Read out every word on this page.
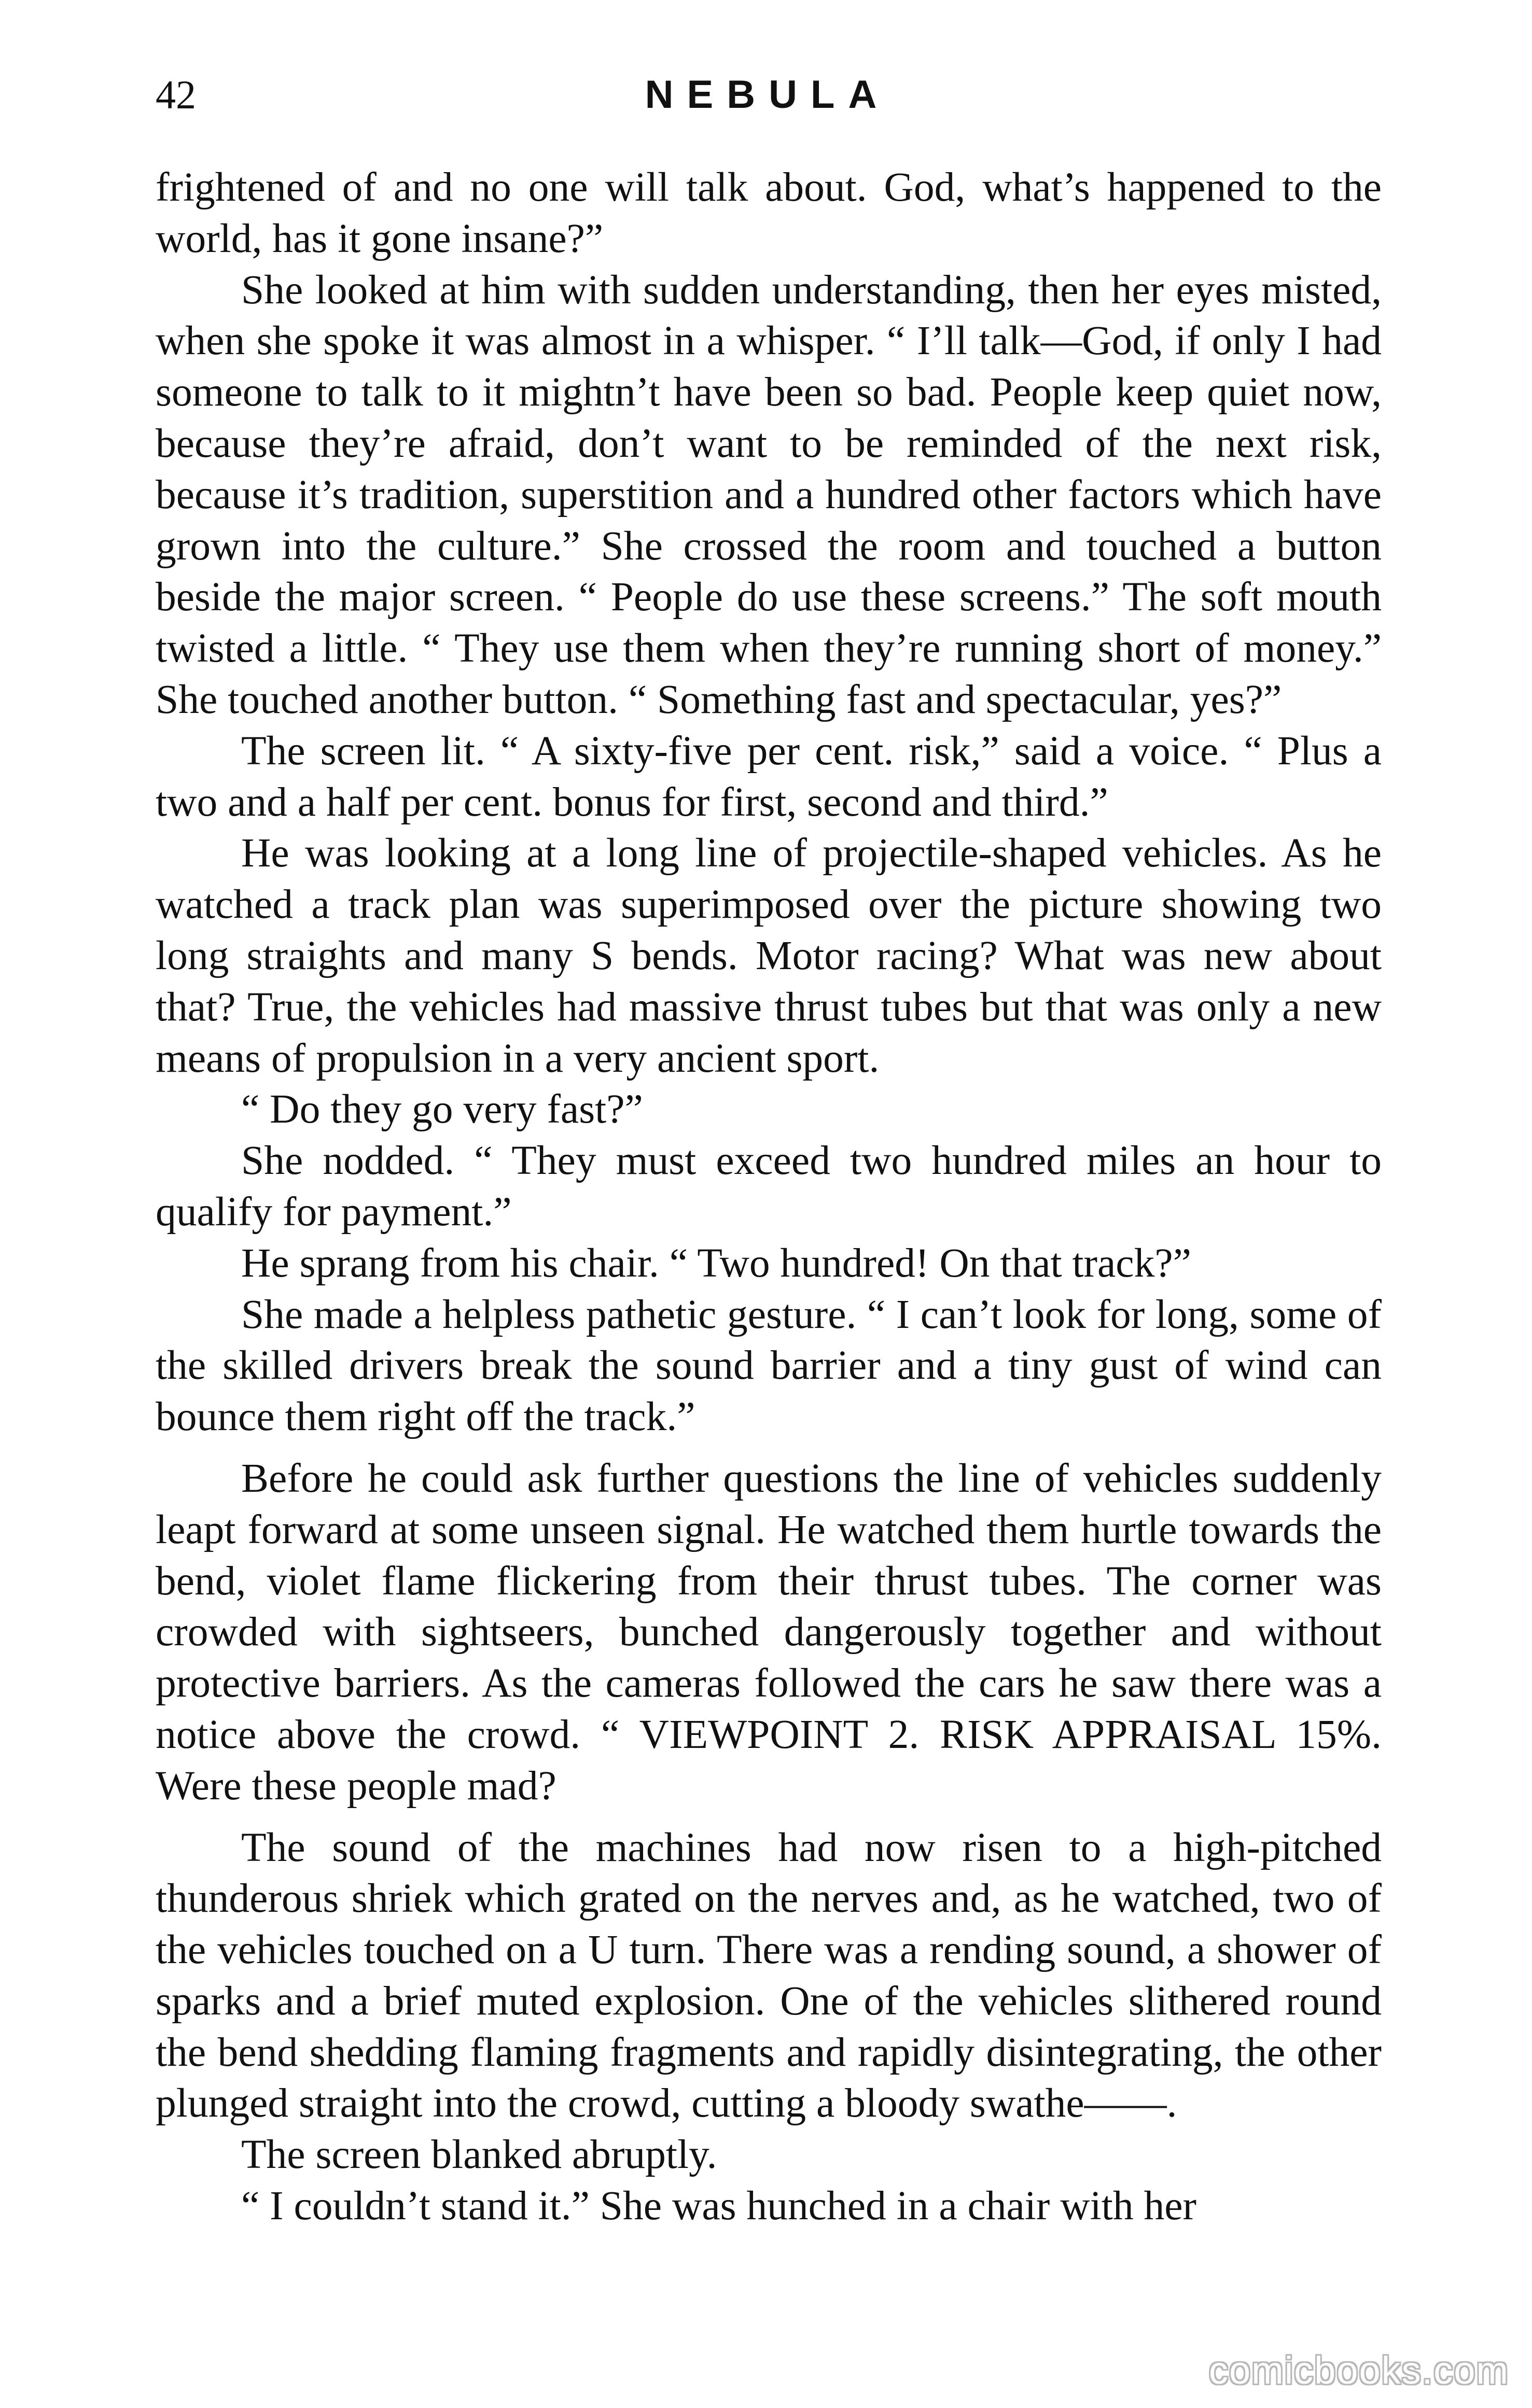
42	NEBULA

frightened of and no one will talk about. God, what’s happened to the world, has it gone insane?”

She looked at him with sudden understanding, then her eyes misted, when she spoke it was almost in a whisper. “ I’ll talk—God, if only I had someone to talk to it mightn’t have been so bad. People keep quiet now, because they’re afraid, don’t want to be reminded of the next risk, because it’s tradition, superstition and a hundred other factors which have grown into the culture.” She crossed the room and touched a button beside the major screen. “ People do use these screens.” The soft mouth twisted a little. “ They use them when they’re running short of money.” She touched another button. “ Something fast and spectacular, yes?”

The screen lit. “ A sixty-five per cent. risk,” said a voice. “ Plus a two and a half per cent. bonus for first, second and third.”

He was looking at a long line of projectile-shaped vehicles. As he watched a track plan was superimposed over the picture showing two long straights and many S bends. Motor racing? What was new about that? True, the vehicles had massive thrust tubes but that was only a new means of propulsion in a very ancient sport.

“ Do they go very fast?”

She nodded. “ They must exceed two hundred miles an hour to qualify for payment.”

He sprang from his chair. “ Two hundred! On that track?”

She made a helpless pathetic gesture. “ I can’t look for long, some of the skilled drivers break the sound barrier and a tiny gust of wind can bounce them right off the track.”

Before he could ask further questions the line of vehicles suddenly leapt forward at some unseen signal. He watched them hurtle towards the bend, violet flame flickering from their thrust tubes. The corner was crowded with sightseers, bunched dangerously together and without protective barriers. As the cameras followed the cars he saw there was a notice above the crowd. “ VIEWPOINT 2. RISK APPRAISAL 15%. Were these people mad?

The sound of the machines had now risen to a high-pitched thunderous shriek which grated on the nerves and, as he watched, two of the vehicles touched on a U turn. There was a rending sound, a shower of sparks and a brief muted explosion. One of the vehicles slithered round the bend shedding flaming fragments and rapidly disintegrating, the other plunged straight into the crowd, cutting a bloody swathe——.

The screen blanked abruptly.

“ I couldn’t stand it.” She was hunched in a chair with her

comicbooks.com
